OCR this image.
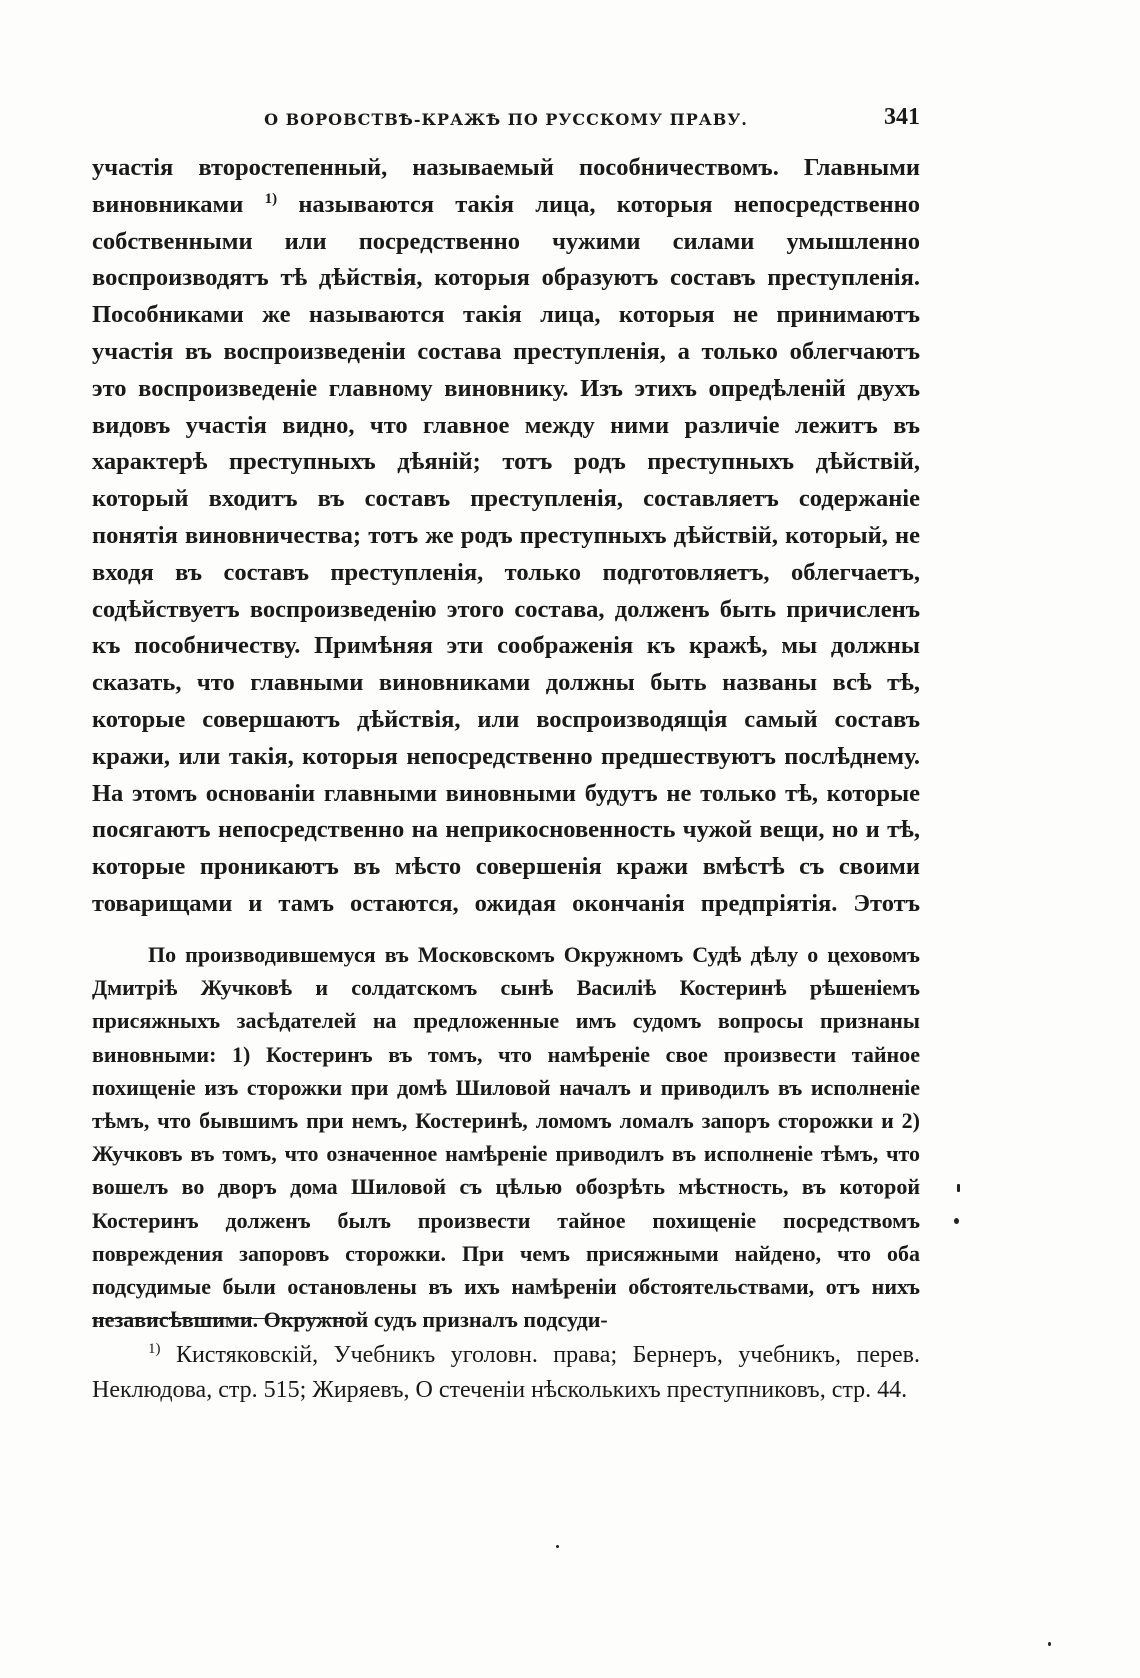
О ВОРОВСТВѢ-КРАЖѢ ПО РУССКОМУ ПРАВУ.	341

участія второстепенный, называемый пособничествомъ. Главными виновниками $^{1)}$ называются такія лица, которыя непосредственно собственными или посредственно чужими силами умышленно воспроизводятъ тѣ дѣйствія, которыя образуютъ составъ преступленія. Пособниками же называются такія лица, которыя не принимаютъ участія въ воспроизведеніи состава преступленія, а только облегчаютъ это воспроизведеніе главному виновнику. Изъ этихъ опредѣленій двухъ видовъ участія видно, что главное между ними различіе лежитъ въ характерѣ преступныхъ дѣяній; тотъ родъ преступныхъ дѣйствій, который входитъ въ составъ преступленія, составляетъ содержаніе понятія виновничества; тотъ же родъ преступныхъ дѣйствій, который, не входя въ составъ преступленія, только подготовляетъ, облегчаетъ, содѣйствуетъ воспроизведенію этого состава, долженъ быть причисленъ къ пособничеству. Примѣняя эти соображенія къ кражѣ, мы должны сказать, что главными виновниками должны быть названы всѣ тѣ, которые совершаютъ дѣйствія, или воспроизводящія самый составъ кражи, или такія, которыя непосредственно предшествуютъ послѣднему. На этомъ основаніи главными виновными будутъ не только тѣ, которые посягаютъ непосредственно на неприкосновенность чужой вещи, но и тѣ, которые проникаютъ въ мѣсто совершенія кражи вмѣстѣ съ своими товарищами и тамъ остаются, ожидая окончанія предпріятія. Этотъ

По производившемуся въ Московскомъ Окружномъ Судѣ дѣлу о цеховомъ Дмитріѣ Жучковѣ и солдатскомъ сынѣ Василіѣ Костеринѣ рѣшеніемъ присяжныхъ засѣдателей на предложенные имъ судомъ вопросы признаны виновными: 1) Костеринъ въ томъ, что намѣреніе свое произвести тайное похищеніе изъ сторожки при домѣ Шиловой началъ и приводилъ въ исполненіе тѣмъ, что бывшимъ при немъ, Костеринѣ, ломомъ ломалъ запоръ сторожки и 2) Жучковъ въ томъ, что означенное намѣреніе приводилъ въ исполненіе тѣмъ, что вошелъ во дворъ дома Шиловой съ цѣлью обозрѣть мѣстность, въ которой Костеринъ долженъ былъ произвести тайное похищеніе посредствомъ повреждения запоровъ сторожки. При чемъ присяжными найдено, что оба подсудимые были остановлены въ ихъ намѣреніи обстоятельствами, отъ нихъ независѣвшими. Окружной судъ призналъ подсуди-

$^{1)}$ Кистяковскій, Учебникъ уголовн. права; Бернеръ, учебникъ, перев. Неклюдова, стр. 515; Жиряевъ, О стеченіи нѣсколькихъ преступниковъ, стр. 44.
